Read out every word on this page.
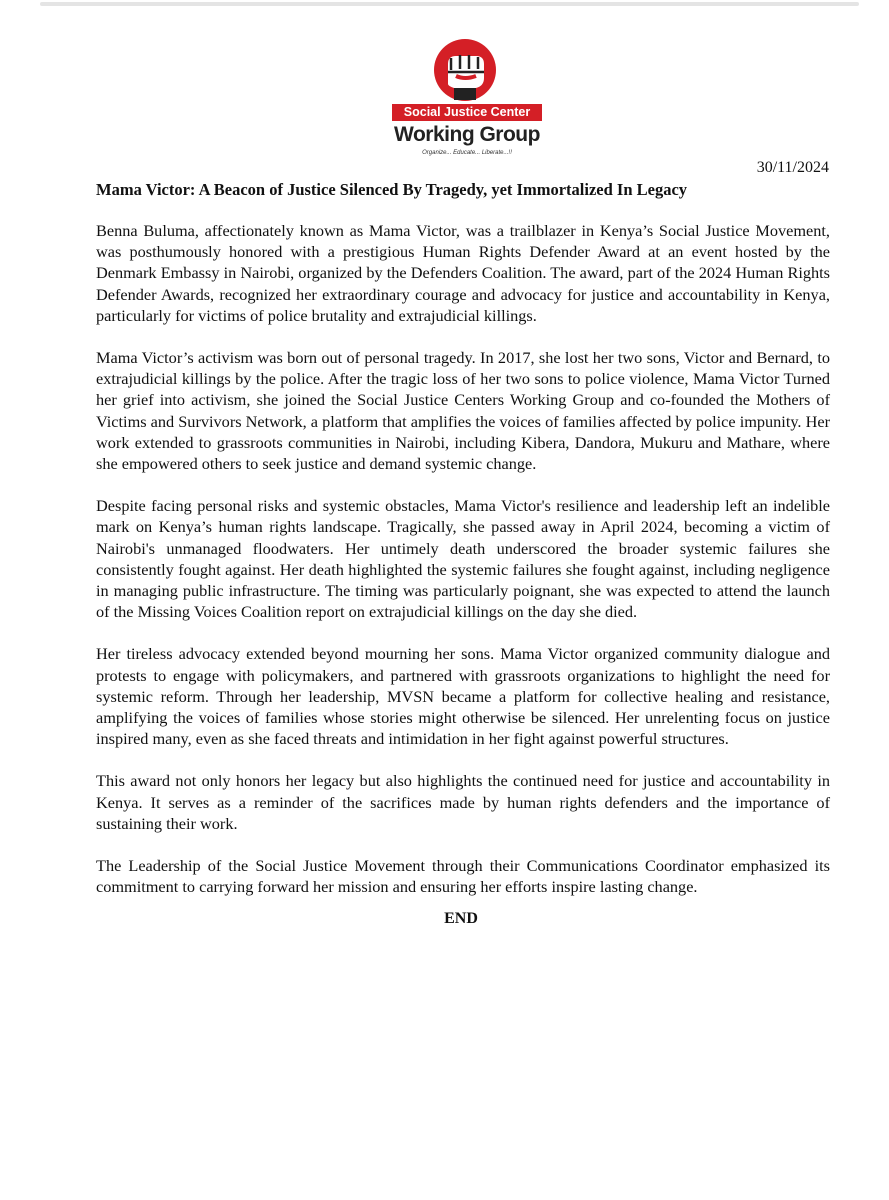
Social Justice Center
Working Group
Organize... Educate... Liberate...!!
30/11/2024
Mama Victor: A Beacon of Justice Silenced By Tragedy, yet Immortalized In Legacy

Benna Buluma, affectionately known as Mama Victor, was a trailblazer in Kenya’s Social Justice Movement, was posthumously honored with a prestigious Human Rights Defender Award at an event hosted by the Denmark Embassy in Nairobi, organized by the Defenders Coalition. The award, part of the 2024 Human Rights Defender Awards, recognized her extraordinary courage and advocacy for justice and accountability in Kenya, particularly for victims of police brutality and extrajudicial killings.

Mama Victor’s activism was born out of personal tragedy. In 2017, she lost her two sons, Victor and Bernard, to extrajudicial killings by the police. After the tragic loss of her two sons to police violence, Mama Victor Turned her grief into activism, she joined the Social Justice Centers Working Group and co-founded the Mothers of Victims and Survivors Network, a platform that amplifies the voices of families affected by police impunity. Her work extended to grassroots communities in Nairobi, including Kibera, Dandora, Mukuru and Mathare, where she empowered others to seek justice and demand systemic change.

Despite facing personal risks and systemic obstacles, Mama Victor's resilience and leadership left an indelible mark on Kenya’s human rights landscape. Tragically, she passed away in April 2024, becoming a victim of Nairobi's unmanaged floodwaters. Her untimely death underscored the broader systemic failures she consistently fought against. Her death highlighted the systemic failures she fought against, including negligence in managing public infrastructure. The timing was particularly poignant, she was expected to attend the launch of the Missing Voices Coalition report on extrajudicial killings on the day she died.

Her tireless advocacy extended beyond mourning her sons. Mama Victor organized community dialogue and protests to engage with policymakers, and partnered with grassroots organizations to highlight the need for systemic reform. Through her leadership, MVSN became a platform for collective healing and resistance, amplifying the voices of families whose stories might otherwise be silenced. Her unrelenting focus on justice inspired many, even as she faced threats and intimidation in her fight against powerful structures.

This award not only honors her legacy but also highlights the continued need for justice and accountability in Kenya. It serves as a reminder of the sacrifices made by human rights defenders and the importance of sustaining their work.

The Leadership of the Social Justice Movement through their Communications Coordinator emphasized its commitment to carrying forward her mission and ensuring her efforts inspire lasting change.

END
